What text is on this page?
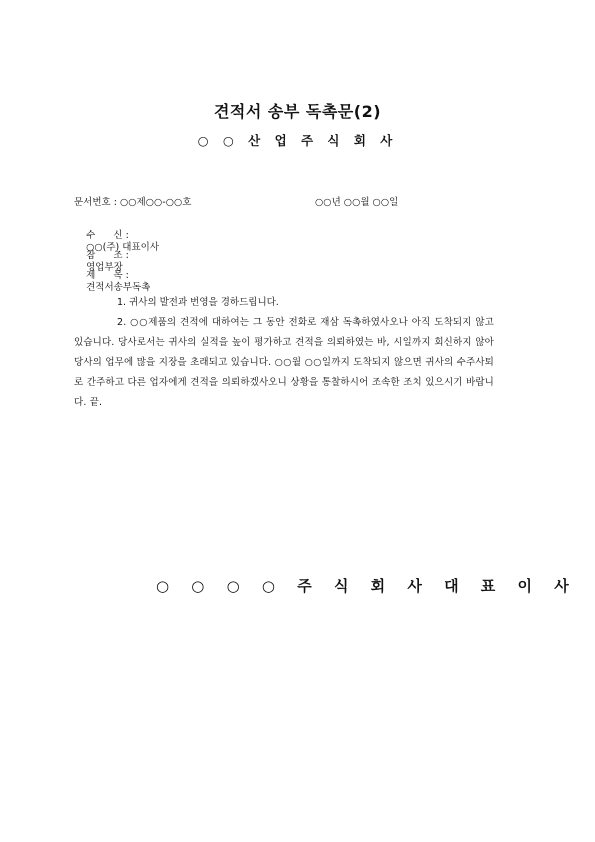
견적서 송부 독촉문(2)
○ ○ 산 업 주 식 회 사
문서번호 : ○○제○○-○○호	○○년 ○○월 ○○일

수      신 :
○○(주) 대표이사

참      조 :
영업부장

제      목 :
견적서송부독촉

1. 귀사의 발전과 번영을 경하드립니다.
2. ○○제품의 견적에 대하여는 그 동안 전화로 재삼 독촉하였사오나 아직 도착되지 않고 있습니다. 당사로서는 귀사의 실적을 높이 평가하고 견적을 의뢰하였는 바, 시일까지 회신하지 않아 당사의 업무에 많을 지장을 초래되고 있습니다. ○○월 ○○일까지 도착되지 않으면 귀사의 수주사퇴로 간주하고 다른 업자에게 견적을 의뢰하겠사오니 상황을 통찰하시어 조속한 조치 있으시기 바랍니다. 끝.
○ ○ ○ ○ 주 식 회 사 대 표 이 사
